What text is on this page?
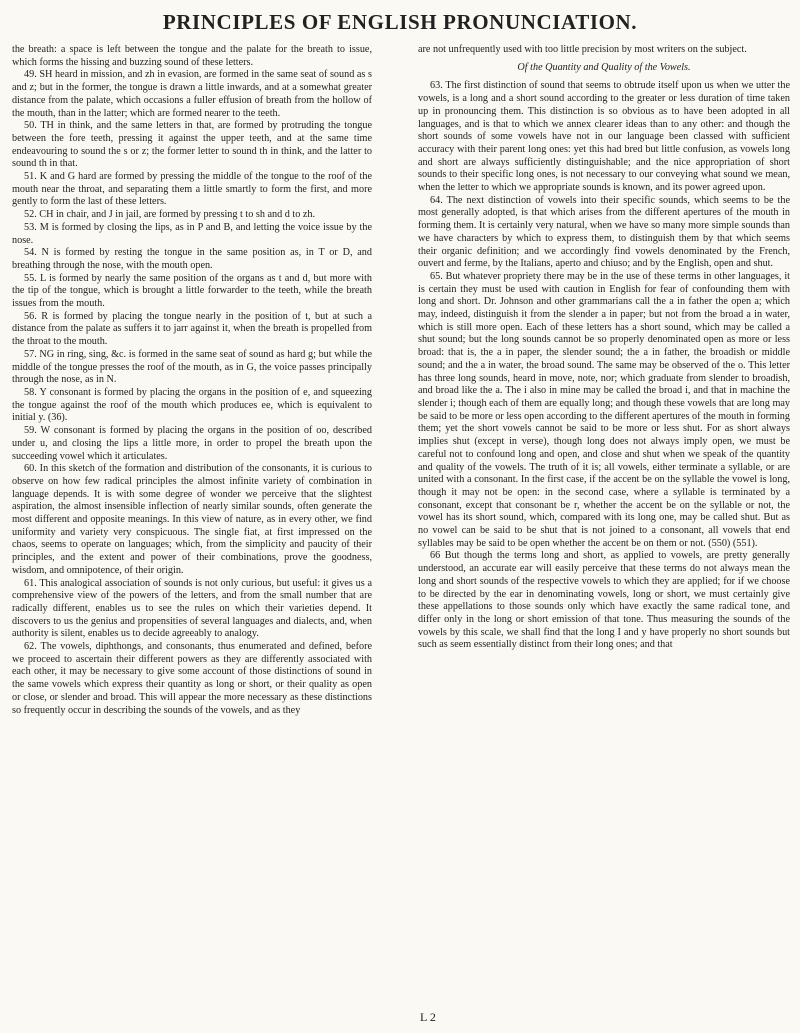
PRINCIPLES OF ENGLISH PRONUNCIATION.

the breath: a space is left between the tongue and the palate for the breath to issue, which forms the hissing and buzzing sound of these letters.

49. SH heard in mission, and zh in evasion, are formed in the same seat of sound as s and z; but in the former, the tongue is drawn a little inwards, and at a somewhat greater distance from the palate, which occasions a fuller effusion of breath from the hollow of the mouth, than in the latter; which are formed nearer to the teeth.

50. TH in think, and the same letters in that, are formed by protruding the tongue between the fore teeth, pressing it against the upper teeth, and at the same time endeavouring to sound the s or z; the former letter to sound th in think, and the latter to sound th in that.

51. K and G hard are formed by pressing the middle of the tongue to the roof of the mouth near the throat, and separating them a little smartly to form the first, and more gently to form the last of these letters.

52. CH in chair, and J in jail, are formed by pressing t to sh and d to zh.

53. M is formed by closing the lips, as in P and B, and letting the voice issue by the nose.

54. N is formed by resting the tongue in the same position as, in T or D, and breathing through the nose, with the mouth open.

55. L is formed by nearly the same position of the organs as t and d, but more with the tip of the tongue, which is brought a little forwarder to the teeth, while the breath issues from the mouth.

56. R is formed by placing the tongue nearly in the position of t, but at such a distance from the palate as suffers it to jarr against it, when the breath is propelled from the throat to the mouth.

57. NG in ring, sing, &c. is formed in the same seat of sound as hard g; but while the middle of the tongue presses the roof of the mouth, as in G, the voice passes principally through the nose, as in N.

58. Y consonant is formed by placing the organs in the position of e, and squeezing the tongue against the roof of the mouth which produces ee, which is equivalent to initial y. (36).

59. W consonant is formed by placing the organs in the position of oo, described under u, and closing the lips a little more, in order to propel the breath upon the succeeding vowel which it articulates.

60. In this sketch of the formation and distribution of the consonants, it is curious to observe on how few radical principles the almost infinite variety of combination in language depends. It is with some degree of wonder we perceive that the slightest aspiration, the almost insensible inflection of nearly similar sounds, often generate the most different and opposite meanings. In this view of nature, as in every other, we find uniformity and variety very conspicuous. The single fiat, at first impressed on the chaos, seems to operate on languages; which, from the simplicity and paucity of their principles, and the extent and power of their combinations, prove the goodness, wisdom, and omnipotence, of their origin.

61. This analogical association of sounds is not only curious, but useful: it gives us a comprehensive view of the powers of the letters, and from the small number that are radically different, enables us to see the rules on which their varieties depend. It discovers to us the genius and propensities of several languages and dialects, and, when authority is silent, enables us to decide agreeably to analogy.

62. The vowels, diphthongs, and consonants, thus enumerated and defined, before we proceed to ascertain their different powers as they are differently associated with each other, it may be necessary to give some account of those distinctions of sound in the same vowels which express their quantity as long or short, or their quality as open or close, or slender and broad. This will appear the more necessary as these distinctions so frequently occur in describing the sounds of the vowels, and as they

are not unfrequently used with too little precision by most writers on the subject.

Of the Quantity and Quality of the Vowels.

63. The first distinction of sound that seems to obtrude itself upon us when we utter the vowels, is a long and a short sound according to the greater or less duration of time taken up in pronouncing them. This distinction is so obvious as to have been adopted in all languages, and is that to which we annex clearer ideas than to any other: and though the short sounds of some vowels have not in our language been classed with sufficient accuracy with their parent long ones: yet this had bred but little confusion, as vowels long and short are always sufficiently distinguishable; and the nice appropriation of short sounds to their specific long ones, is not necessary to our conveying what sound we mean, when the letter to which we appropriate sounds is known, and its power agreed upon.

64. The next distinction of vowels into their specific sounds, which seems to be the most generally adopted, is that which arises from the different apertures of the mouth in forming them. It is certainly very natural, when we have so many more simple sounds than we have characters by which to express them, to distinguish them by that which seems their organic definition; and we accordingly find vowels denominated by the French, ouvert and ferme, by the Italians, aperto and chiuso; and by the English, open and shut.

65. But whatever propriety there may be in the use of these terms in other languages, it is certain they must be used with caution in English for fear of confounding them with long and short. Dr. Johnson and other grammarians call the a in father the open a; which may, indeed, distinguish it from the slender a in paper; but not from the broad a in water, which is still more open. Each of these letters has a short sound, which may be called a shut sound; but the long sounds cannot be so properly denominated open as more or less broad: that is, the a in paper, the slender sound; the a in father, the broadish or middle sound; and the a in water, the broad sound. The same may be observed of the o. This letter has three long sounds, heard in move, note, nor; which graduate from slender to broadish, and broad like the a. The i also in mine may be called the broad i, and that in machine the slender i; though each of them are equally long; and though these vowels that are long may be said to be more or less open according to the different apertures of the mouth in forming them; yet the short vowels cannot be said to be more or less shut. For as short always implies shut (except in verse), though long does not always imply open, we must be careful not to confound long and open, and close and shut when we speak of the quantity and quality of the vowels. The truth of it is; all vowels, either terminate a syllable, or are united with a consonant. In the first case, if the accent be on the syllable the vowel is long, though it may not be open: in the second case, where a syllable is terminated by a consonant, except that consonant be r, whether the accent be on the syllable or not, the vowel has its short sound, which, compared with its long one, may be called shut. But as no vowel can be said to be shut that is not joined to a consonant, all vowels that end syllables may be said to be open whether the accent be on them or not. (550) (551).

66 But though the terms long and short, as applied to vowels, are pretty generally understood, an accurate ear will easily perceive that these terms do not always mean the long and short sounds of the respective vowels to which they are applied; for if we choose to be directed by the ear in denominating vowels, long or short, we must certainly give these appellations to those sounds only which have exactly the same radical tone, and differ only in the long or short emission of that tone. Thus measuring the sounds of the vowels by this scale, we shall find that the long I and y have properly no short sounds but such as seem essentially distinct from their long ones; and that

L 2
